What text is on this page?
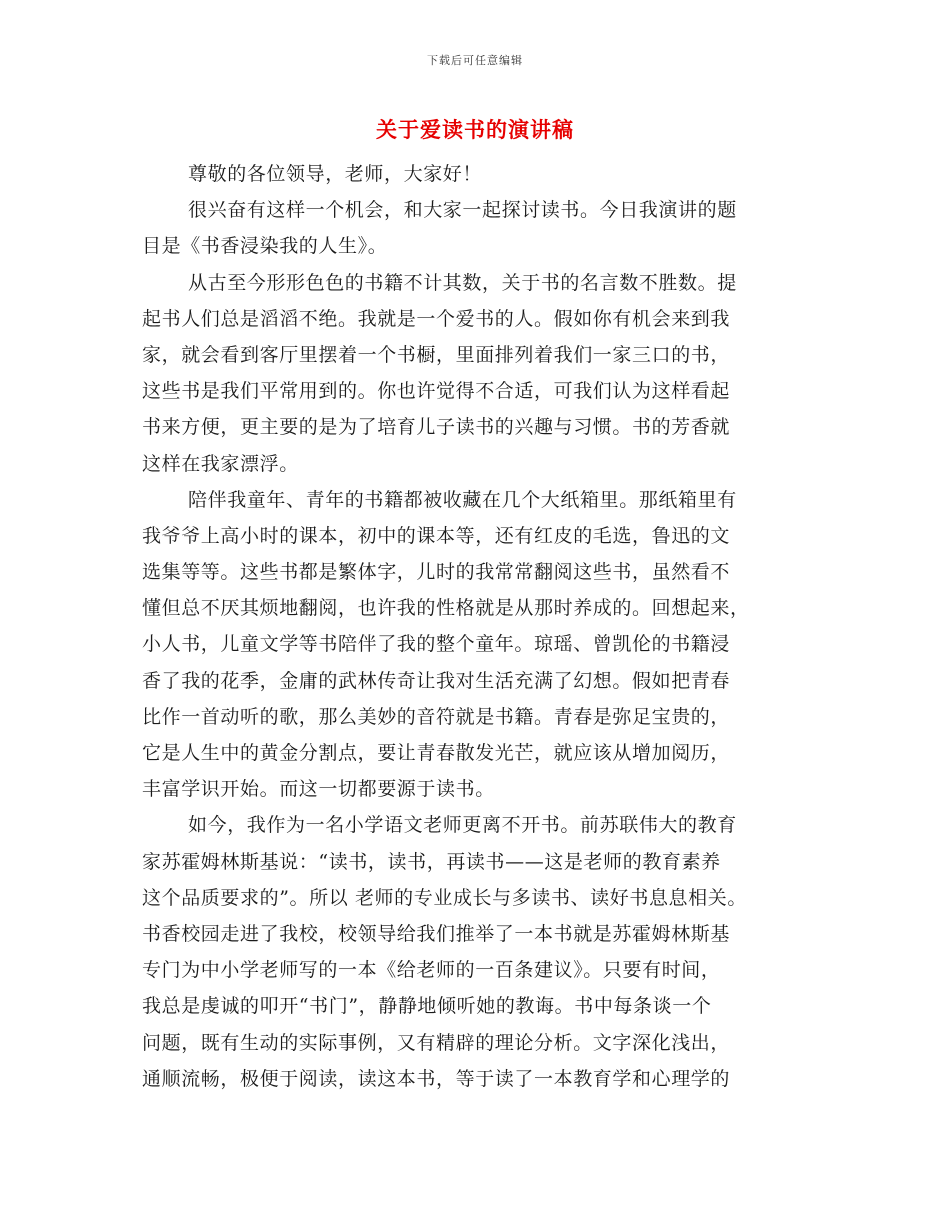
下载后可任意编辑
关于爱读书的演讲稿
尊敬的各位领导，老师，大家好！
很兴奋有这样一个机会，和大家一起探讨读书。今日我演讲的题
目是《书香浸染我的人生》。
从古至今形形色色的书籍不计其数，关于书的名言数不胜数。提
起书人们总是滔滔不绝。我就是一个爱书的人。假如你有机会来到我
家，就会看到客厅里摆着一个书橱，里面排列着我们一家三口的书，
这些书是我们平常用到的。你也许觉得不合适，可我们认为这样看起
书来方便，更主要的是为了培育儿子读书的兴趣与习惯。书的芳香就
这样在我家漂浮。
陪伴我童年、青年的书籍都被收藏在几个大纸箱里。那纸箱里有
我爷爷上高小时的课本，初中的课本等，还有红皮的毛选，鲁迅的文
选集等等。这些书都是繁体字，儿时的我常常翻阅这些书，虽然看不
懂但总不厌其烦地翻阅，也许我的性格就是从那时养成的。回想起来，
小人书，儿童文学等书陪伴了我的整个童年。琼瑶、曾凯伦的书籍浸
香了我的花季，金庸的武林传奇让我对生活充满了幻想。假如把青春
比作一首动听的歌，那么美妙的音符就是书籍。青春是弥足宝贵的，
它是人生中的黄金分割点，要让青春散发光芒，就应该从增加阅历，
丰富学识开始。而这一切都要源于读书。
如今，我作为一名小学语文老师更离不开书。前苏联伟大的教育
家苏霍姆林斯基说：“读书，读书，再读书——这是老师的教育素养
这个品质要求的”。所以 老师的专业成长与多读书、读好书息息相关。
书香校园走进了我校，校领导给我们推举了一本书就是苏霍姆林斯基
专门为中小学老师写的一本《给老师的一百条建议》。只要有时间，
我总是虔诚的叩开“书门”，静静地倾听她的教诲。书中每条谈一个
问题，既有生动的实际事例，又有精辟的理论分析。文字深化浅出，
通顺流畅，极便于阅读，读这本书，等于读了一本教育学和心理学的
